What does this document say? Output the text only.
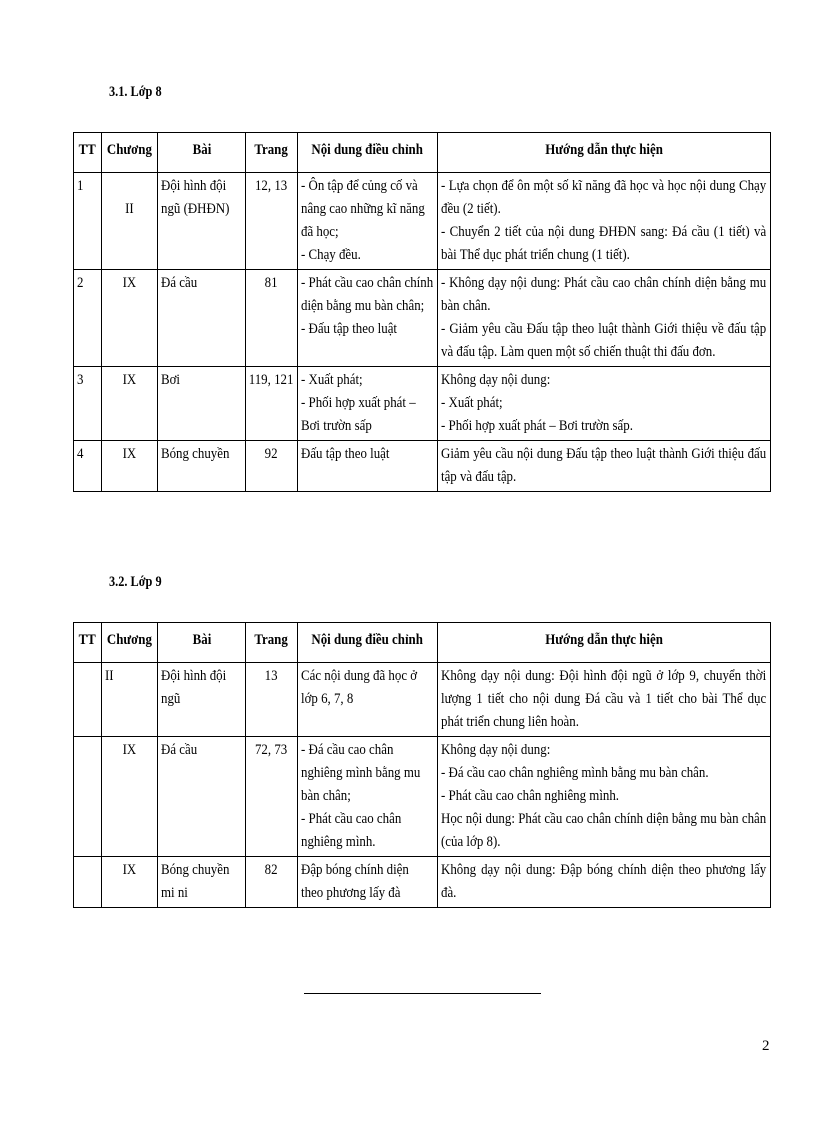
3.1. Lớp 8
TT	Chương	Bài	Trang	Nội dung điều chỉnh	Hướng dẫn thực hiện

1	II	Đội hình đội ngũ (ĐHĐN)	12, 13	- Ôn tập để củng cố và nâng cao những kĩ năng đã học;
- Chạy đều.	- Lựa chọn để ôn một số kĩ năng đã học và học nội dung Chạy đều (2 tiết).
- Chuyển 2 tiết của nội dung ĐHĐN sang: Đá cầu (1 tiết) và bài Thể dục phát triển chung (1 tiết).

2	IX	Đá cầu	81	- Phát cầu cao chân chính diện bằng mu bàn chân;
- Đấu tập theo luật	- Không dạy nội dung: Phát cầu cao chân chính diện bằng mu bàn chân.
- Giảm yêu cầu Đấu tập theo luật thành Giới thiệu về đấu tập và đấu tập. Làm quen một số chiến thuật thi đấu đơn.

3	IX	Bơi	119, 121	- Xuất phát;
- Phối hợp xuất phát – Bơi trườn sấp	Không dạy nội dung:
- Xuất phát;
- Phối hợp xuất phát – Bơi trườn sấp.

4	IX	Bóng chuyền	92	Đấu tập theo luật	Giảm yêu cầu nội dung Đấu tập theo luật thành Giới thiệu đấu tập và đấu tập.
3.2. Lớp 9
TT	Chương	Bài	Trang	Nội dung điều chỉnh	Hướng dẫn thực hiện

	II	Đội hình đội ngũ	13	Các nội dung đã học ở lớp 6, 7, 8	Không dạy nội dung: Đội hình đội ngũ ở lớp 9, chuyển thời lượng 1 tiết cho nội dung Đá cầu và 1 tiết cho bài Thể dục phát triển chung liên hoàn.

	IX	Đá cầu	72, 73	- Đá cầu cao chân nghiêng mình bằng mu bàn chân;
- Phát cầu cao chân nghiêng mình.	Không dạy nội dung:
- Đá cầu cao chân nghiêng mình bằng mu bàn chân.
- Phát cầu cao chân nghiêng mình.
Học nội dung: Phát cầu cao chân chính diện bằng mu bàn chân (của lớp 8).

	IX	Bóng chuyền mi ni	82	Đập bóng chính diện theo phương lấy đà	Không dạy nội dung: Đập bóng chính diện theo phương lấy đà.
2
